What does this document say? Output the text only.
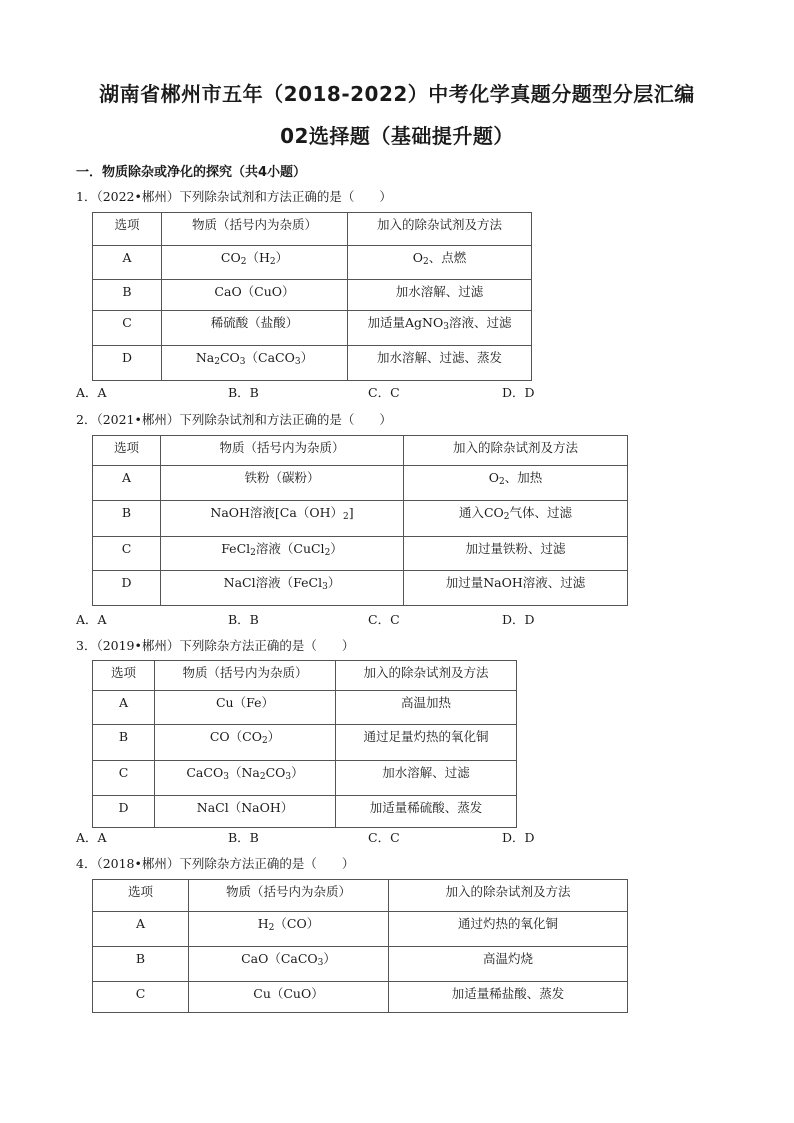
湖南省郴州市五年（2018-2022）中考化学真题分题型分层汇编
02选择题（基础提升题）
一．物质除杂或净化的探究（共4小题）
1．（2022•郴州）下列除杂试剂和方法正确的是（　　）
选项	物质（括号内为杂质）	加入的除杂试剂及方法
A	$CO_2(H_2)$	$O_2$、点燃
B	CaO（CuO）	加水溶解、过滤
C	稀硫酸（盐酸）	加适量AgNO$_3$溶液、过滤
D	$Na_2CO_3(CaCO_3)$	加水溶解、过滤、蒸发
A．A	B．B	C．C	D．D
2．（2021•郴州）下列除杂试剂和方法正确的是（　　）
选项	物质（括号内为杂质）	加入的除杂试剂及方法
A	铁粉（碳粉）	$O_2$、加热
B	NaOH溶液$[Ca(OH)_2]$	通入$CO_2$气体、过滤
C	FeCl$_2$溶液（CuCl$_2$）	加过量铁粉、过滤
D	NaCl溶液（FeCl$_3$）	加过量NaOH溶液、过滤
A．A	B．B	C．C	D．D
3．（2019•郴州）下列除杂方法正确的是（　　）
选项	物质（括号内为杂质）	加入的除杂试剂及方法
A	Cu（Fe）	高温加热
B	$CO(CO_2)$	通过足量灼热的氧化铜
C	$CaCO_3(Na_2CO_3)$	加水溶解、过滤
D	NaCl（NaOH）	加适量稀硫酸、蒸发
A．A	B．B	C．C	D．D
4．（2018•郴州）下列除杂方法正确的是（　　）
选项	物质（括号内为杂质）	加入的除杂试剂及方法
A	$H_2(CO)$	通过灼热的氧化铜
B	CaO（CaCO$_3$）	高温灼烧
C	Cu（CuO）	加适量稀盐酸、蒸发
